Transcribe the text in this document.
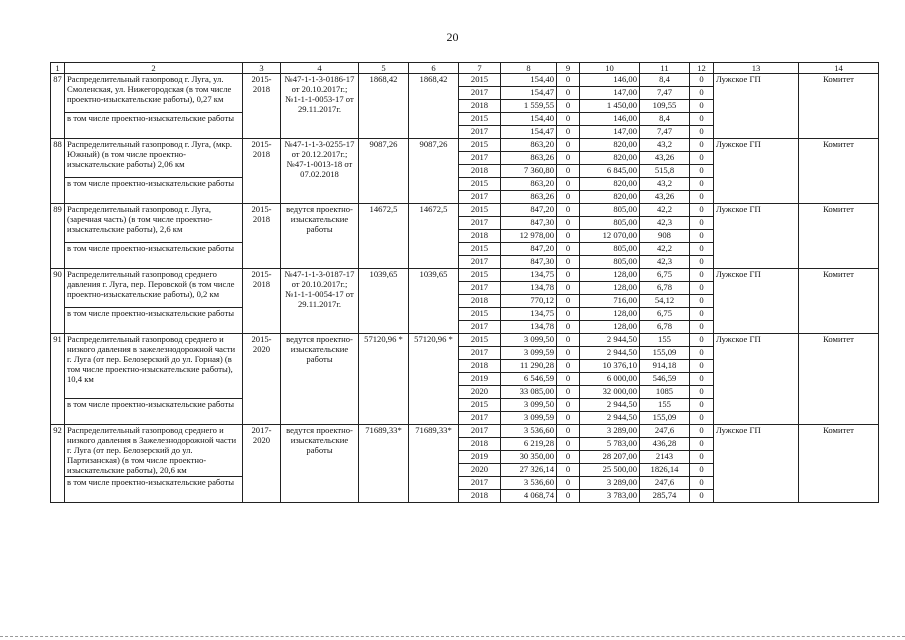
20
1	2	3	4	5	6	7	8	9	10	11	12	13	14
87	Распределительный газопровод г. Луга, ул. Смоленская, ул. Нижегородская (в том числе проектно-изыскательские работы), 0,27 км	2015-2018	№47-1-1-3-0186-17 от 20.10.2017г.; №1-1-1-0053-17 от 29.11.2017г.	1868,42	1868,42	2015	154,40	0	146,00	8,4	0	Лужское ГП	Комитет
						2017	154,47	0	147,00	7,47	0		
						2018	1 559,55	0	1 450,00	109,55	0		
	в том числе проектно-изыскательские работы					2015	154,40	0	146,00	8,4	0		
						2017	154,47	0	147,00	7,47	0		
88	Распределительный газопровод г. Луга, (мкр. Южный) (в том числе проектно-изыскательские работы) 2,06 км	2015-2018	№47-1-1-3-0255-17 от 20.12.2017г.; №47-1-0013-18 от 07.02.2018	9087,26	9087,26	2015	863,20	0	820,00	43,2	0	Лужское ГП	Комитет
						2017	863,26	0	820,00	43,26	0		
						2018	7 360,80	0	6 845,00	515,8	0		
	в том числе проектно-изыскательские работы					2015	863,20	0	820,00	43,2	0		
						2017	863,26	0	820,00	43,26	0		
89	Распределительный газопровод г. Луга, (заречная часть) (в том числе проектно-изыскательские работы), 2,6 км	2015-2018	ведутся проектно-изыскательские работы	14672,5	14672,5	2015	847,20	0	805,00	42,2	0	Лужское ГП	Комитет
						2017	847,30	0	805,00	42,3	0		
						2018	12 978,00	0	12 070,00	908	0		
	в том числе проектно-изыскательские работы					2015	847,20	0	805,00	42,2	0		
						2017	847,30	0	805,00	42,3	0		
90	Распределительный газопровод среднего давления г. Луга, пер. Перовской (в том числе проектно-изыскательские работы), 0,2 км	2015-2018	№47-1-1-3-0187-17 от 20.10.2017г.; №1-1-1-0054-17 от 29.11.2017г.	1039,65	1039,65	2015	134,75	0	128,00	6,75	0	Лужское ГП	Комитет
						2017	134,78	0	128,00	6,78	0		
						2018	770,12	0	716,00	54,12	0		
	в том числе проектно-изыскательские работы					2015	134,75	0	128,00	6,75	0		
						2017	134,78	0	128,00	6,78	0		
91	Распределительный газопровод среднего и низкого давления в зажелезнодорожной части г. Луга (от пер. Белозерский до ул. Горная) (в том числе проектно-изыскательские работы), 10,4 км	2015-2020	ведутся проектно-изыскательские работы	57120,96 *	57120,96 *	2015	3 099,50	0	2 944,50	155	0	Лужское ГП	Комитет
						2017	3 099,59	0	2 944,50	155,09	0		
						2018	11 290,28	0	10 376,10	914,18	0		
						2019	6 546,59	0	6 000,00	546,59	0		
						2020	33 085,00	0	32 000,00	1085	0		
	в том числе проектно-изыскательские работы					2015	3 099,50	0	2 944,50	155	0		
						2017	3 099,59	0	2 944,50	155,09	0		
92	Распределительный газопровод среднего и низкого давления в Зажелезнодорожной части г. Луга (от пер. Белозерский до ул. Партизанская) (в том числе проектно-изыскательские работы), 20,6 км	2017-2020	ведутся проектно-изыскательские работы	71689,33*	71689,33*	2017	3 536,60	0	3 289,00	247,6	0	Лужское ГП	Комитет
						2018	6 219,28	0	5 783,00	436,28	0		
						2019	30 350,00	0	28 207,00	2143	0		
						2020	27 326,14	0	25 500,00	1826,14	0		
	в том числе проектно-изыскательские работы					2017	3 536,60	0	3 289,00	247,6	0		
						2018	4 068,74	0	3 783,00	285,74	0		
